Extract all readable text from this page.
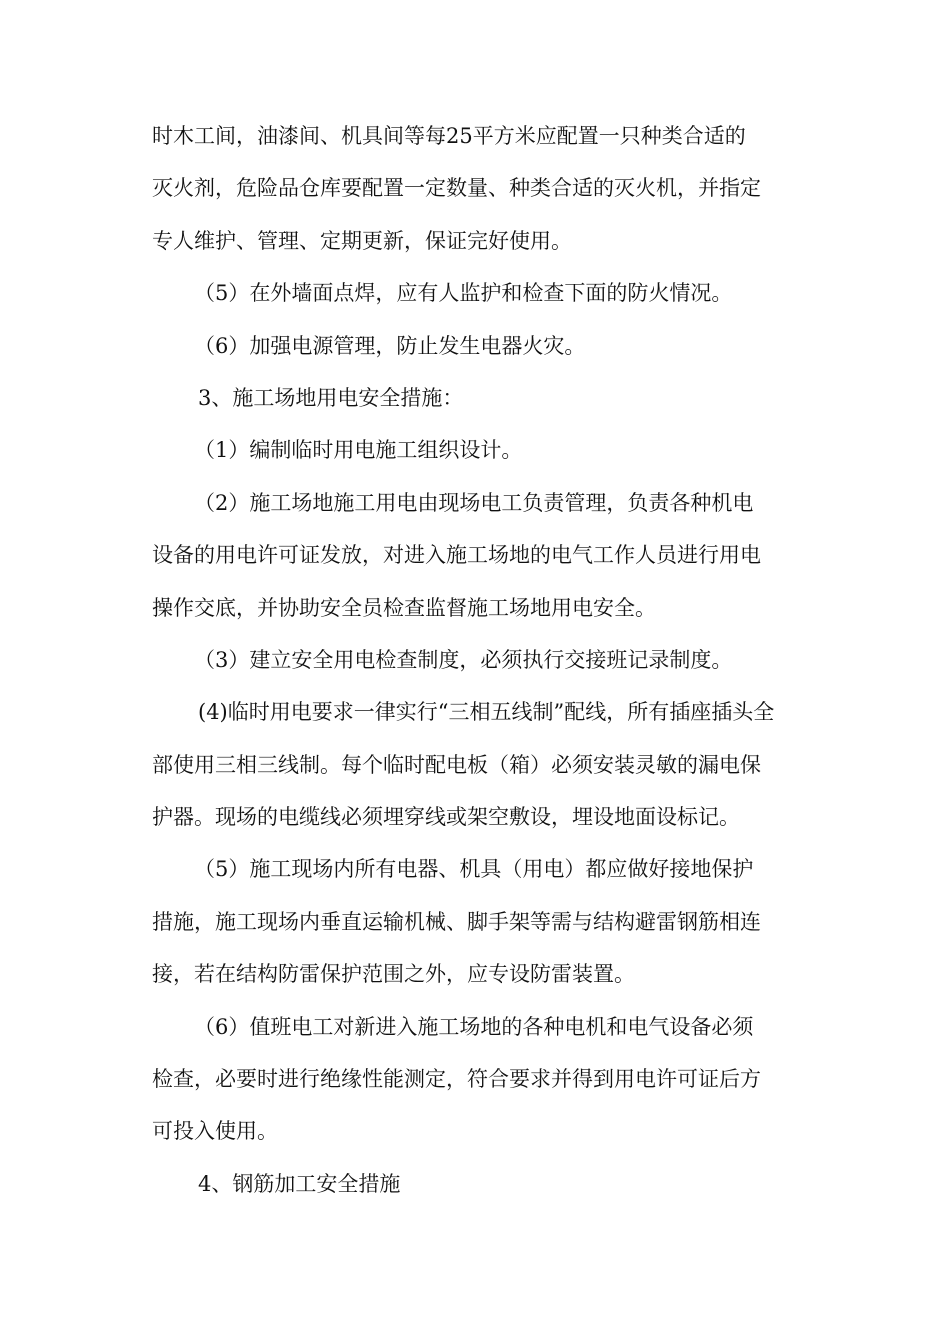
时木工间，油漆间、机具间等每25平方米应配置一只种类合适的
灭火剂，危险品仓库要配置一定数量、种类合适的灭火机，并指定
专人维护、管理、定期更新，保证完好使用。
（5）在外墙面点焊，应有人监护和检查下面的防火情况。
（6）加强电源管理，防止发生电器火灾。
3、施工场地用电安全措施：
（1）编制临时用电施工组织设计。
（2）施工场地施工用电由现场电工负责管理，负责各种机电
设备的用电许可证发放，对进入施工场地的电气工作人员进行用电
操作交底，并协助安全员检查监督施工场地用电安全。
（3）建立安全用电检查制度，必须执行交接班记录制度。
(4)临时用电要求一律实行“三相五线制”配线，所有插座插头全
部使用三相三线制。每个临时配电板（箱）必须安装灵敏的漏电保
护器。现场的电缆线必须埋穿线或架空敷设，埋设地面设标记。
（5）施工现场内所有电器、机具（用电）都应做好接地保护
措施，施工现场内垂直运输机械、脚手架等需与结构避雷钢筋相连
接，若在结构防雷保护范围之外，应专设防雷装置。
（6）值班电工对新进入施工场地的各种电机和电气设备必须
检查，必要时进行绝缘性能测定，符合要求并得到用电许可证后方
可投入使用。
4、钢筋加工安全措施
